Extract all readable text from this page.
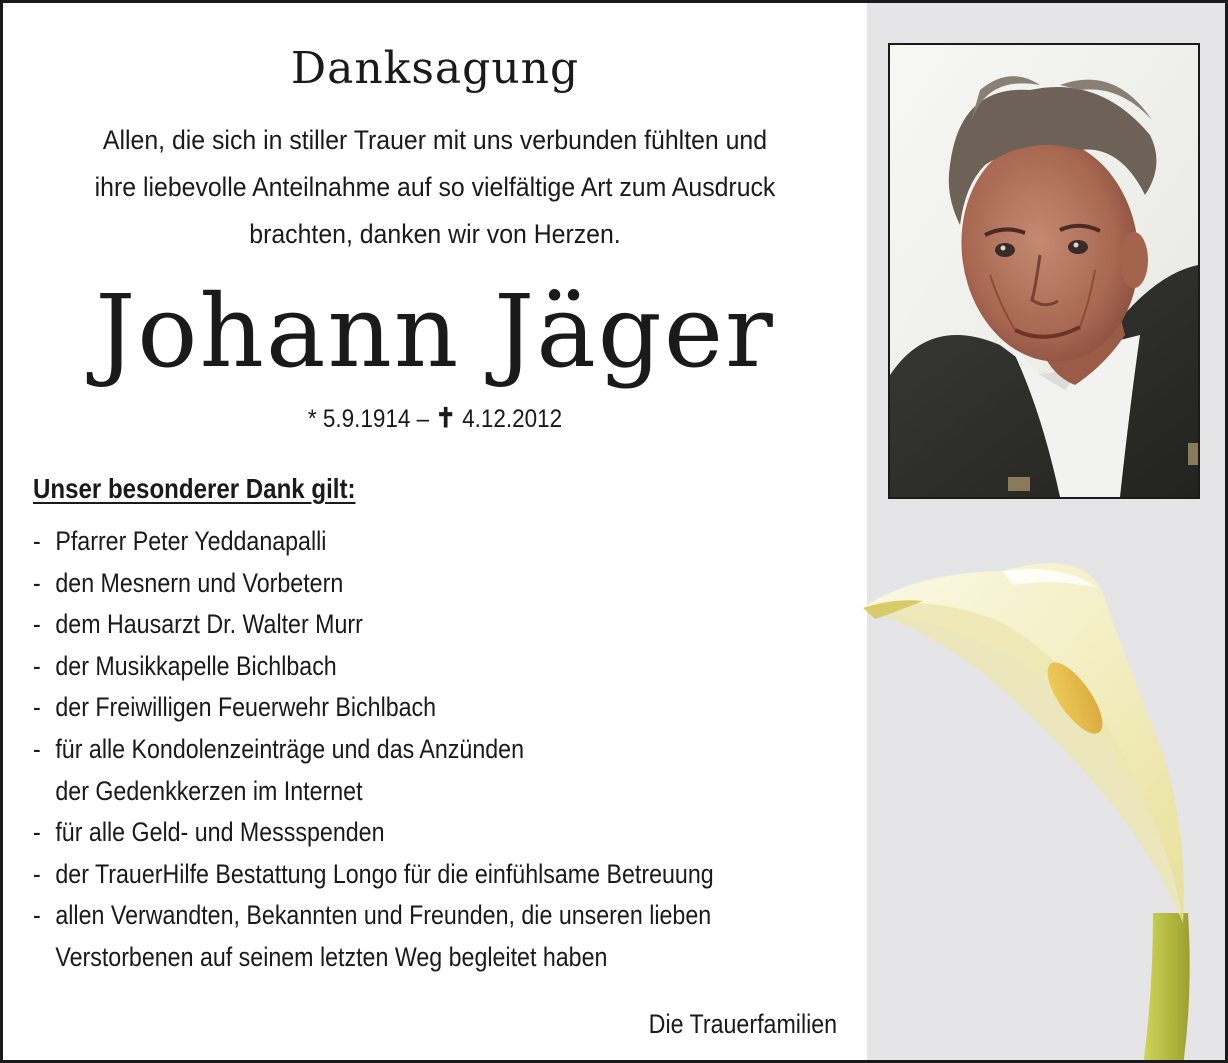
Danksagung
Allen, die sich in stiller Trauer mit uns verbunden fühlten und
ihre liebevolle Anteilnahme auf so vielfältige Art zum Ausdruck
brachten, danken wir von Herzen.
Johann Jäger
* 5.9.1914 – ✝ 4.12.2012
Unser besonderer Dank gilt:
- Pfarrer Peter Yeddanapalli
- den Mesnern und Vorbetern
- dem Hausarzt Dr. Walter Murr
- der Musikkapelle Bichlbach
- der Freiwilligen Feuerwehr Bichlbach
- für alle Kondolenzeinträge und das Anzünden
der Gedenkkerzen im Internet
- für alle Geld- und Messspenden
- der TrauerHilfe Bestattung Longo für die einfühlsame Betreuung
- allen Verwandten, Bekannten und Freunden, die unseren lieben
Verstorbenen auf seinem letzten Weg begleitet haben
Die Trauerfamilien
